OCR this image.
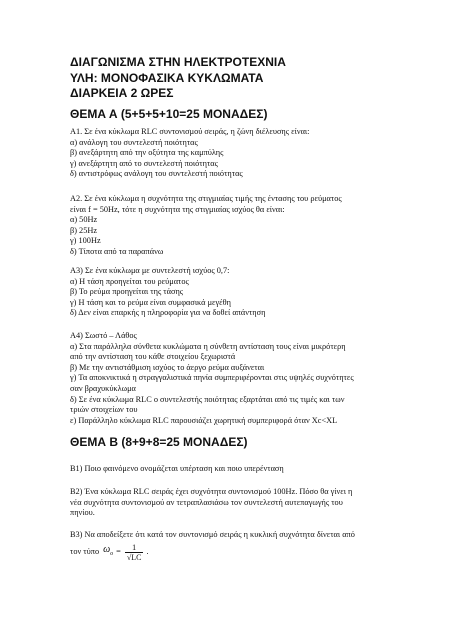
ΔΙΑΓΩΝΙΣΜΑ ΣΤΗΝ ΗΛΕΚΤΡΟΤΕΧΝΙΑ
ΥΛΗ: ΜΟΝΟΦΑΣΙΚΑ ΚΥΚΛΩΜΑΤΑ
ΔΙΑΡΚΕΙΑ 2 ΩΡΕΣ
ΘΕΜΑ Α (5+5+5+10=25 ΜΟΝΑΔΕΣ)
Α1. Σε ένα κύκλωμα RLC συντονισμού σειράς, η ζώνη διέλευσης είναι:
α) ανάλογη του συντελεστή ποιότητας
β) ανεξάρτητη από την οξύτητα της καμπύλης
γ) ανεξάρτητη από το συντελεστή ποιότητας
δ) αντιστρόφως ανάλογη του συντελεστή ποιότητας
Α2. Σε ένα κύκλωμα η συχνότητα της στιγμιαίας τιμής της έντασης του ρεύματος
είναι f = 50Hz, τότε η συχνότητα της στιγμιαίας ισχύος θα είναι:
α) 50Hz
β) 25Hz
γ) 100Hz
δ) Τίποτα από τα παραπάνω
Α3) Σε ένα κύκλωμα με συντελεστή ισχύος 0,7:
α) Η τάση προηγείται του ρεύματος
β) Το ρεύμα προηγείται της τάσης
γ) Η τάση και το ρεύμα είναι συμφασικά μεγέθη
δ) Δεν είναι επαρκής η πληροφορία για να δοθεί απάντηση
Α4) Σωστό – Λάθος
α) Στα παράλληλα σύνθετα κυκλώματα η σύνθετη αντίσταση τους είναι μικρότερη
από την αντίσταση του κάθε στοιχείου ξεχωριστά
β) Με την αντιστάθμιση ισχύος το άεργο ρεύμα αυξάνεται
γ) Τα αποκνικτικά η στραγγαλιστικά πηνία συμπεριφέρονται στις υψηλές συχνότητες
σαν βραχυκύκλωμα
δ) Σε ένα κύκλωμα RLC ο συντελεστής ποιότητας εξαρτάται από τις τιμές και των
τριών στοιχείων του
ε) Παράλληλο κύκλωμα RLC παρουσιάζει χωρητική συμπεριφορά όταν Xc<XL
ΘΕΜΑ Β (8+9+8=25 ΜΟΝΑΔΕΣ)
Β1) Ποιο φαινόμενο ονομάζεται υπέρταση και ποιο υπερένταση
Β2) Ένα κύκλωμα RLC σειράς έχει συχνότητα συντονισμού 100Hz. Πόσο θα γίνει η
νέα συχνότητα συντονισμού αν τετραπλασιάσω τον συντελεστή αυτεπαγωγής του
πηνίου.
Β3) Να αποδείξετε ότι κατά τον συντονισμό σειράς η κυκλική συχνότητα δίνεται από
τον τύπο $\omega_o = \frac{1}{√LC}$ .
